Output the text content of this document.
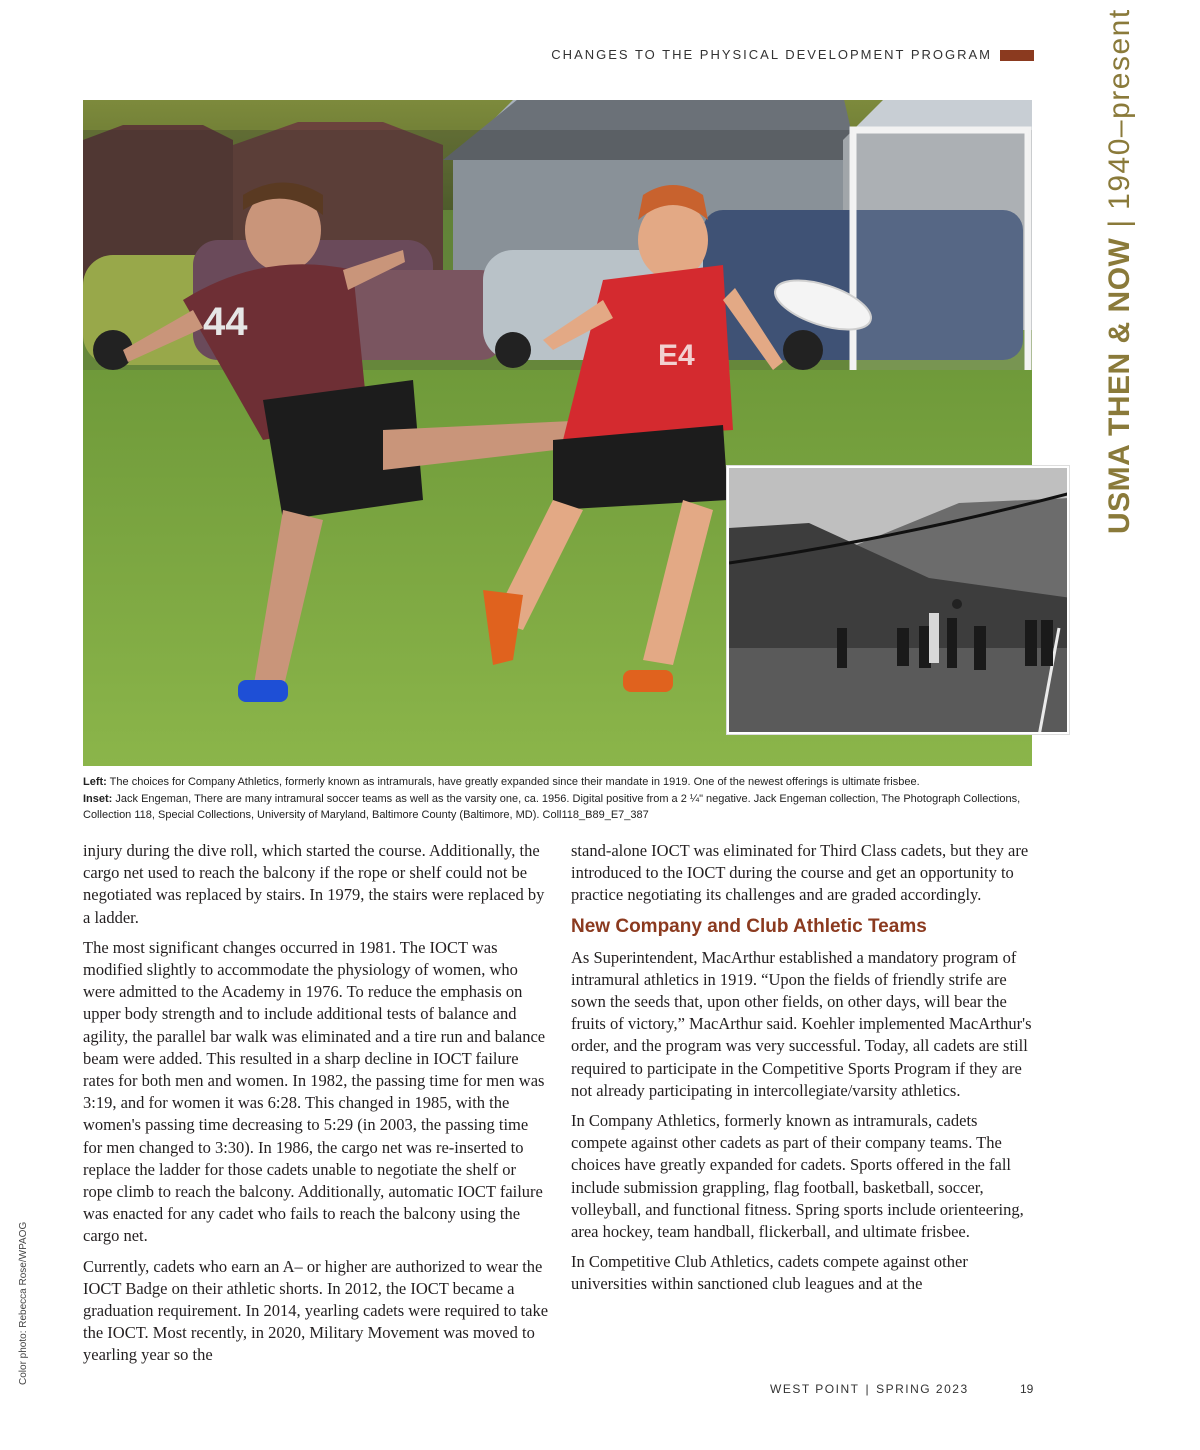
CHANGES TO THE PHYSICAL DEVELOPMENT PROGRAM
USMA THEN & NOW|1940–present
Color photo: Rebecca Rose/WPAOG
44
E4
Left: The choices for Company Athletics, formerly known as intramurals, have greatly expanded since their mandate in 1919. One of the newest offerings is ultimate frisbee.
Inset: Jack Engeman, There are many intramural soccer teams as well as the varsity one, ca. 1956. Digital positive from a 2 ¼" negative. Jack Engeman collection, The Photograph Collections, Collection 118, Special Collections, University of Maryland, Baltimore County (Baltimore, MD). Coll118_B89_E7_387

injury during the dive roll, which started the course. Additionally, the cargo net used to reach the balcony if the rope or shelf could not be negotiated was replaced by stairs. In 1979, the stairs were replaced by a ladder.

The most significant changes occurred in 1981. The IOCT was modified slightly to accommodate the physiology of women, who were admitted to the Academy in 1976. To reduce the emphasis on upper body strength and to include additional tests of balance and agility, the parallel bar walk was eliminated and a tire run and balance beam were added. This resulted in a sharp decline in IOCT failure rates for both men and women. In 1982, the passing time for men was 3:19, and for women it was 6:28. This changed in 1985, with the women's passing time decreasing to 5:29 (in 2003, the passing time for men changed to 3:30). In 1986, the cargo net was re-inserted to replace the ladder for those cadets unable to negotiate the shelf or rope climb to reach the balcony. Additionally, automatic IOCT failure was enacted for any cadet who fails to reach the balcony using the cargo net.

Currently, cadets who earn an A– or higher are authorized to wear the IOCT Badge on their athletic shorts. In 2012, the IOCT became a graduation requirement. In 2014, yearling cadets were required to take the IOCT. Most recently, in 2020, Military Movement was moved to yearling year so the

stand-alone IOCT was eliminated for Third Class cadets, but they are introduced to the IOCT during the course and get an opportunity to practice negotiating its challenges and are graded accordingly.

New Company and Club Athletic Teams

As Superintendent, MacArthur established a mandatory program of intramural athletics in 1919. “Upon the fields of friendly strife are sown the seeds that, upon other fields, on other days, will bear the fruits of victory,” MacArthur said. Koehler implemented MacArthur's order, and the program was very successful. Today, all cadets are still required to participate in the Competitive Sports Program if they are not already participating in intercollegiate/varsity athletics.

In Company Athletics, formerly known as intramurals, cadets compete against other cadets as part of their company teams. The choices have greatly expanded for cadets. Sports offered in the fall include submission grappling, flag football, basketball, soccer, volleyball, and functional fitness. Spring sports include orienteering, area hockey, team handball, flickerball, and ultimate frisbee.

In Competitive Club Athletics, cadets compete against other universities within sanctioned club leagues and at the

WEST POINT | SPRING 2023	19
